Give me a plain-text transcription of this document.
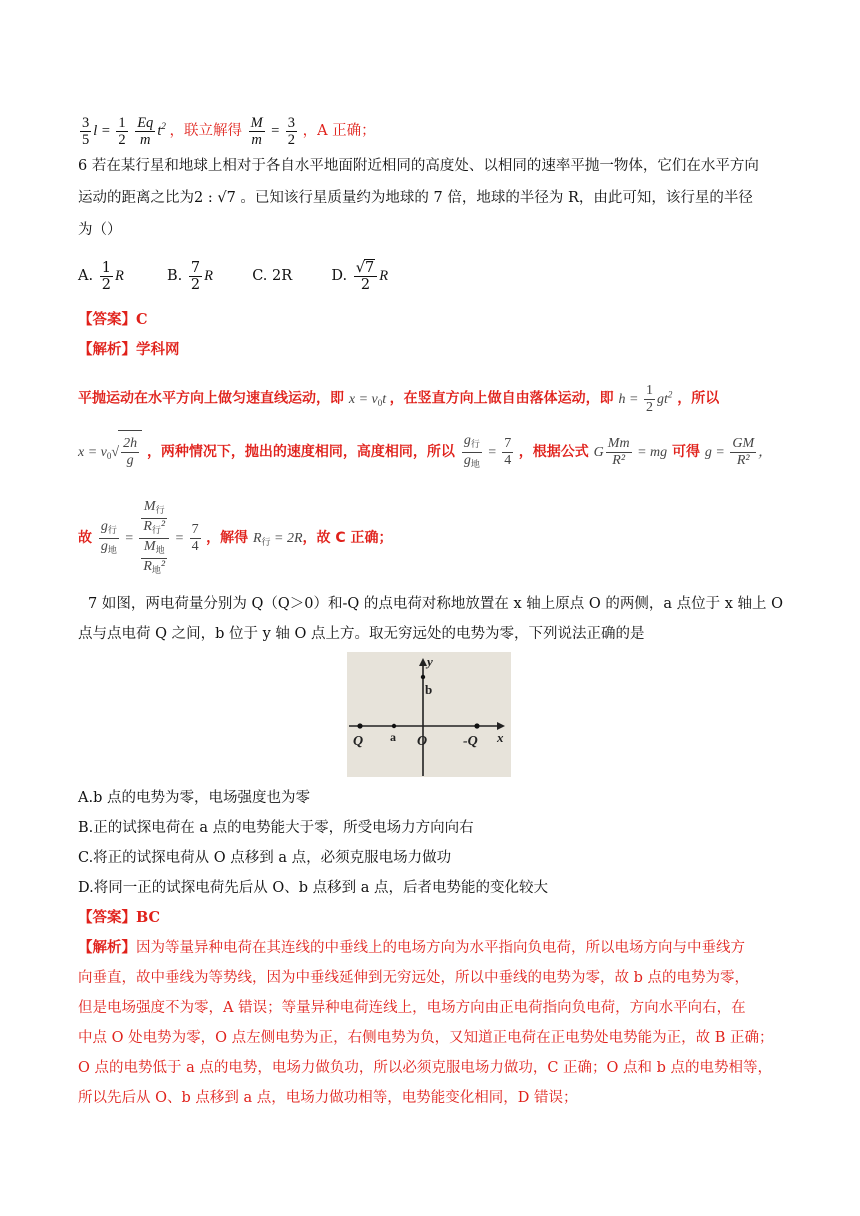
$\frac{3}{5}$ $l = \frac{1}{2}$
$\frac{Eq}{m} t^2$ ，联立解得 $\frac{M}{m} = \frac{3}{2}$ ，A 正确；
6 若在某行星和地球上相对于各自水平地面附近相同的高度处、以相同的速率平抛一物体，它们在水平方向
运动的距离之比为2 : √7 。已知该行星质量约为地球的 7 倍，地球的半径为 R，由此可知，该行星的半径
为（）
A. $\frac{1}{2}$ R	B. $\frac{7}{2}$ R	C. 2R	D. $\frac{√7}{2}$ R
【答案】C
【解析】学科网
平抛运动在水平方向上做匀速直线运动，即 $x = v_0t$ ，在竖直方向上做自由落体运动，即 $h = \frac{1}{2} gt^2$ ，所以
$x = v_0√ \frac{2h}{g}$ ，两种情况下，抛出的速度相同，高度相同，所以 $\frac{g_行}{g_地} = \frac{7}{4}$ ，根据公式 G $\frac{Mm}{\text{R²}}$ = mg 可得 $g = \frac{GM}{\text{R²}}$ ，
故 $\frac{g_行}{g_地} = \frac{\frac{M_行}{R_行^2}}{\frac{M_地}{R_地^2}} = \frac{7}{4}$ ，解得 $R_行 = 2R$，故 C 正确；
7 如图，两电荷量分别为 Q（Q＞0）和-Q 的点电荷对称地放置在 x 轴上原点 O 的两侧，a 点位于 x 轴上 O
点与点电荷 Q 之间，b 位于 y 轴 O 点上方。取无穷远处的电势为零，下列说法正确的是
y
b
Q a O	-Q x
A.b 点的电势为零，电场强度也为零
B.正的试探电荷在 a 点的电势能大于零，所受电场力方向向右
C.将正的试探电荷从 O 点移到 a 点，必须克服电场力做功
D.将同一正的试探电荷先后从 O、b 点移到 a 点，后者电势能的变化较大
【答案】BC
【解析】因为等量异种电荷在其连线的中垂线上的电场方向为水平指向负电荷，所以电场方向与中垂线方
向垂直，故中垂线为等势线，因为中垂线延伸到无穷远处，所以中垂线的电势为零，故 b 点的电势为零，
但是电场强度不为零，A 错误；等量异种电荷连线上，电场方向由正电荷指向负电荷，方向水平向右，在
中点 O 处电势为零，O 点左侧电势为正，右侧电势为负，又知道正电荷在正电势处电势能为正，故 B 正确；
O 点的电势低于 a 点的电势，电场力做负功，所以必须克服电场力做功，C 正确；O 点和 b 点的电势相等，
所以先后从 O、b 点移到 a 点，电场力做功相等，电势能变化相同，D 错误；
